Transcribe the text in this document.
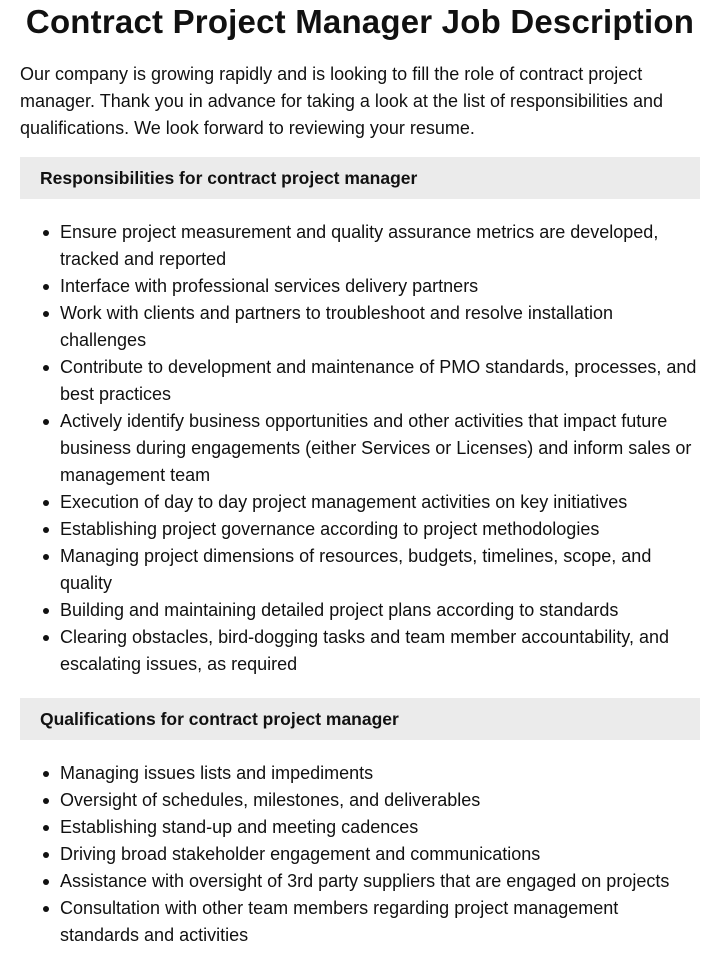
Contract Project Manager Job Description

Our company is growing rapidly and is looking to fill the role of contract project manager. Thank you in advance for taking a look at the list of responsibilities and qualifications. We look forward to reviewing your resume.

Responsibilities for contract project manager
Ensure project measurement and quality assurance metrics are developed, tracked and reported
Interface with professional services delivery partners
Work with clients and partners to troubleshoot and resolve installation challenges
Contribute to development and maintenance of PMO standards, processes, and best practices
Actively identify business opportunities and other activities that impact future business during engagements (either Services or Licenses) and inform sales or management team
Execution of day to day project management activities on key initiatives
Establishing project governance according to project methodologies
Managing project dimensions of resources, budgets, timelines, scope, and quality
Building and maintaining detailed project plans according to standards
Clearing obstacles, bird-dogging tasks and team member accountability, and escalating issues, as required
Qualifications for contract project manager
Managing issues lists and impediments
Oversight of schedules, milestones, and deliverables
Establishing stand-up and meeting cadences
Driving broad stakeholder engagement and communications
Assistance with oversight of 3rd party suppliers that are engaged on projects
Consultation with other team members regarding project management standards and activities
